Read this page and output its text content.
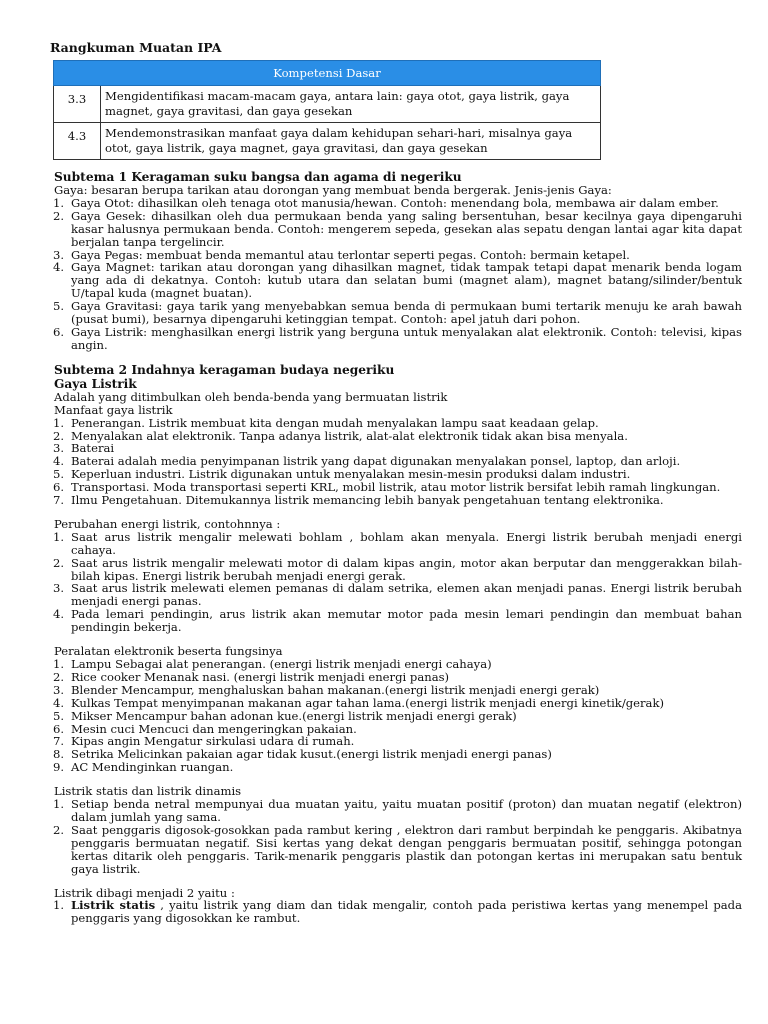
Rangkuman Muatan IPA
Kompetensi Dasar	
3.3	Mengidentifikasi macam-macam gaya, antara lain: gaya otot, gaya listrik, gaya magnet, gaya gravitasi, dan gaya gesekan
4.3	Mendemonstrasikan manfaat gaya dalam kehidupan sehari-hari, misalnya gaya otot, gaya listrik, gaya magnet, gaya gravitasi, dan gaya gesekan
Subtema 1 Keragaman suku bangsa dan agama di negeriku

Gaya: besaran berupa tarikan atau dorongan yang membuat benda bergerak. Jenis-jenis Gaya:

1. Gaya Otot: dihasilkan oleh tenaga otot manusia/hewan. Contoh: menendang bola, membawa air dalam ember.
2. Gaya Gesek: dihasilkan oleh dua permukaan benda yang saling bersentuhan, besar kecilnya gaya dipengaruhi kasar halusnya permukaan benda. Contoh: mengerem sepeda, gesekan alas sepatu dengan lantai agar kita dapat berjalan tanpa tergelincir.
3. Gaya Pegas: membuat benda memantul atau terlontar seperti pegas. Contoh: bermain ketapel.
4. Gaya Magnet: tarikan atau dorongan yang dihasilkan magnet, tidak tampak tetapi dapat menarik benda logam yang ada di dekatnya. Contoh: kutub utara dan selatan bumi (magnet alam), magnet batang/silinder/bentuk U/tapal kuda (magnet buatan).
5. Gaya Gravitasi: gaya tarik yang menyebabkan semua benda di permukaan bumi tertarik menuju ke arah bawah (pusat bumi), besarnya dipengaruhi ketinggian tempat. Contoh: apel jatuh dari pohon.
6. Gaya Listrik: menghasilkan energi listrik yang berguna untuk menyalakan alat elektronik. Contoh: televisi, kipas angin.
Subtema 2 Indahnya keragaman budaya negeriku
Gaya Listrik

Adalah yang ditimbulkan oleh benda-benda yang bermuatan listrik

Manfaat gaya listrik

1. Penerangan. Listrik membuat kita dengan mudah menyalakan lampu saat keadaan gelap.
2. Menyalakan alat elektronik. Tanpa adanya listrik, alat-alat elektronik tidak akan bisa menyala.
3. Baterai
4. Baterai adalah media penyimpanan listrik yang dapat digunakan menyalakan ponsel, laptop, dan arloji.
5. Keperluan industri. Listrik digunakan untuk menyalakan mesin-mesin produksi dalam industri.
6. Transportasi. Moda transportasi seperti KRL, mobil listrik, atau motor listrik bersifat lebih ramah lingkungan.
7. Ilmu Pengetahuan. Ditemukannya listrik memancing lebih banyak pengetahuan tentang elektronika.

Perubahan energi listrik, contohnnya :

1. Saat arus listrik mengalir melewati bohlam , bohlam akan menyala. Energi listrik berubah menjadi energi cahaya.
2. Saat arus listrik mengalir melewati motor di dalam kipas angin, motor akan berputar dan menggerakkan bilah-bilah kipas. Energi listrik berubah menjadi energi gerak.
3. Saat arus listrik melewati elemen pemanas di dalam setrika, elemen akan menjadi panas. Energi listrik berubah menjadi energi panas.
4. Pada lemari pendingin, arus listrik akan memutar motor pada mesin lemari pendingin dan membuat bahan pendingin bekerja.

Peralatan elektronik beserta fungsinya

1. Lampu Sebagai alat penerangan. (energi listrik menjadi energi cahaya)
2. Rice cooker Menanak nasi. (energi listrik menjadi energi panas)
3. Blender Mencampur, menghaluskan bahan makanan.(energi listrik menjadi energi gerak)
4. Kulkas Tempat menyimpanan makanan agar tahan lama.(energi listrik menjadi energi kinetik/gerak)
5. Mikser Mencampur bahan adonan kue.(energi listrik menjadi energi gerak)
6. Mesin cuci Mencuci dan mengeringkan pakaian.
7. Kipas angin Mengatur sirkulasi udara di rumah.
8. Setrika Melicinkan pakaian agar tidak kusut.(energi listrik menjadi energi panas)
9. AC Mendinginkan ruangan.

Listrik statis dan listrik dinamis

1. Setiap benda netral mempunyai dua muatan yaitu, yaitu muatan positif (proton) dan muatan negatif (elektron) dalam jumlah yang sama.
2. Saat penggaris digosok-gosokkan pada rambut kering , elektron dari rambut berpindah ke penggaris. Akibatnya penggaris bermuatan negatif. Sisi kertas yang dekat dengan penggaris bermuatan positif, sehingga potongan kertas ditarik oleh penggaris. Tarik-menarik penggaris plastik dan potongan kertas ini merupakan satu bentuk gaya listrik.

Listrik dibagi menjadi 2 yaitu :

1. Listrik statis , yaitu listrik yang diam dan tidak mengalir, contoh pada peristiwa kertas yang menempel pada penggaris yang digosokkan ke rambut.
